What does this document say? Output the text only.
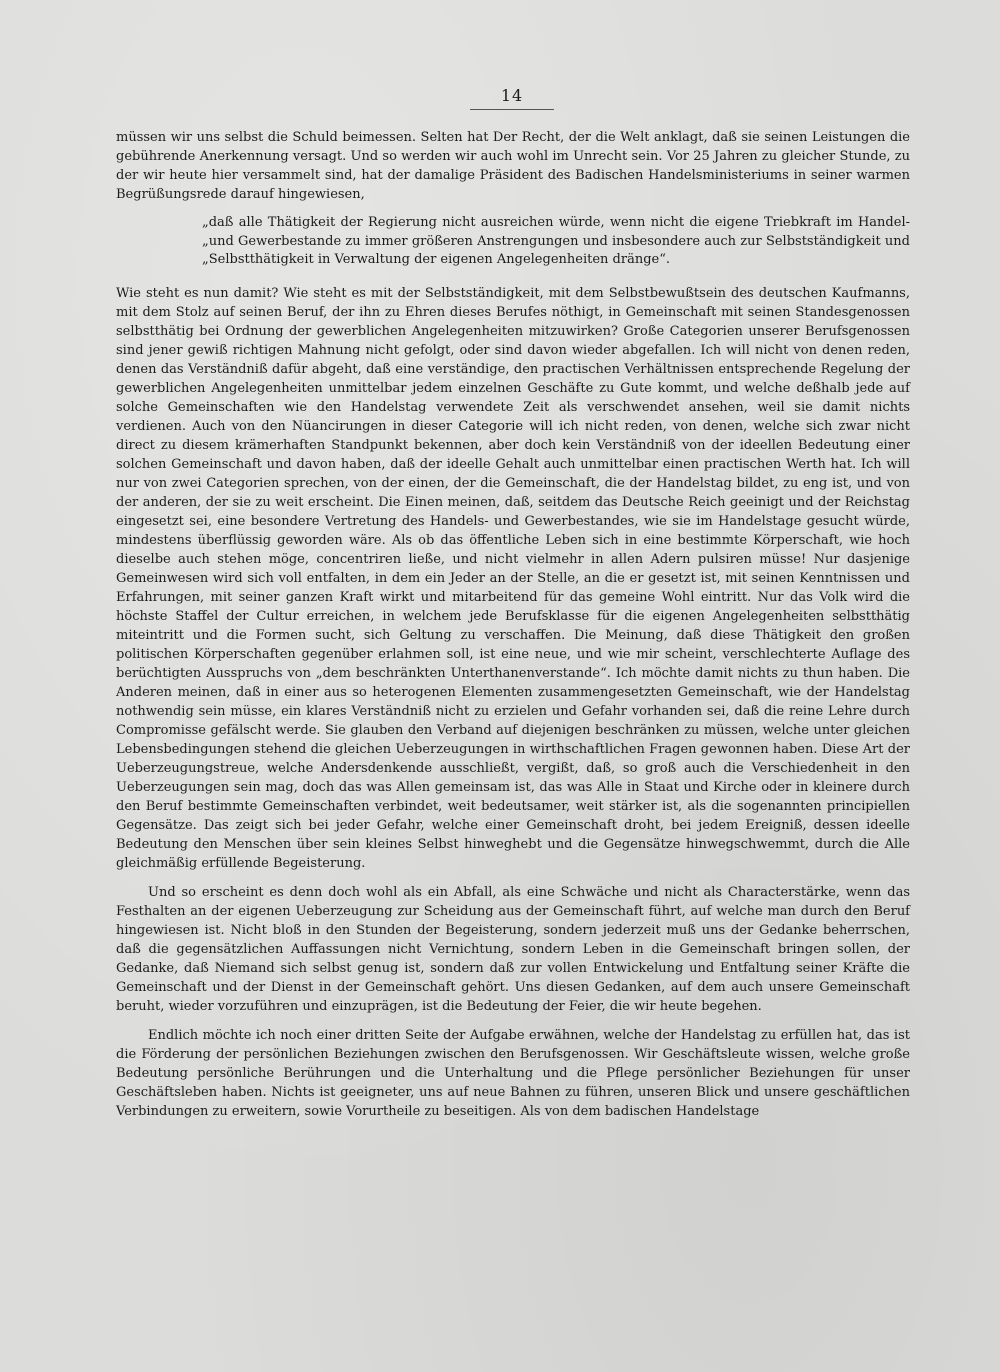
14

müssen wir uns selbst die Schuld beimessen. Selten hat Der Recht, der die Welt anklagt, daß sie seinen Leistungen die gebührende Anerkennung versagt. Und so werden wir auch wohl im Unrecht sein. Vor 25 Jahren zu gleicher Stunde, zu der wir heute hier versammelt sind, hat der damalige Präsident des Badischen Handelsministeriums in seiner warmen Begrüßungsrede darauf hingewiesen,

„daß alle Thätigkeit der Regierung nicht ausreichen würde, wenn nicht die eigene Triebkraft im Handel- „und Gewerbestande zu immer größeren Anstrengungen und insbesondere auch zur Selbstständigkeit und „Selbstthätigkeit in Verwaltung der eigenen Angelegenheiten dränge“.

Wie steht es nun damit? Wie steht es mit der Selbstständigkeit, mit dem Selbstbewußtsein des deutschen Kaufmanns, mit dem Stolz auf seinen Beruf, der ihn zu Ehren dieses Berufes nöthigt, in Gemeinschaft mit seinen Standesgenossen selbstthätig bei Ordnung der gewerblichen Angelegenheiten mitzuwirken? Große Categorien unserer Berufsgenossen sind jener gewiß richtigen Mahnung nicht gefolgt, oder sind davon wieder abgefallen. Ich will nicht von denen reden, denen das Verständniß dafür abgeht, daß eine verständige, den practischen Verhältnissen entsprechende Regelung der gewerblichen Angelegenheiten unmittelbar jedem einzelnen Geschäfte zu Gute kommt, und welche deßhalb jede auf solche Gemeinschaften wie den Handelstag verwendete Zeit als verschwendet ansehen, weil sie damit nichts verdienen. Auch von den Nüancirungen in dieser Categorie will ich nicht reden, von denen, welche sich zwar nicht direct zu diesem krämerhaften Standpunkt bekennen, aber doch kein Verständniß von der ideellen Bedeutung einer solchen Gemeinschaft und davon haben, daß der ideelle Gehalt auch unmittelbar einen practischen Werth hat. Ich will nur von zwei Categorien sprechen, von der einen, der die Gemeinschaft, die der Handelstag bildet, zu eng ist, und von der anderen, der sie zu weit erscheint. Die Einen meinen, daß, seitdem das Deutsche Reich geeinigt und der Reichstag eingesetzt sei, eine besondere Vertretung des Handels- und Gewerbestandes, wie sie im Handelstage gesucht würde, mindestens überflüssig geworden wäre. Als ob das öffentliche Leben sich in eine bestimmte Körperschaft, wie hoch dieselbe auch stehen möge, concentriren ließe, und nicht vielmehr in allen Adern pulsiren müsse! Nur dasjenige Gemeinwesen wird sich voll entfalten, in dem ein Jeder an der Stelle, an die er gesetzt ist, mit seinen Kenntnissen und Erfahrungen, mit seiner ganzen Kraft wirkt und mitarbeitend für das gemeine Wohl eintritt. Nur das Volk wird die höchste Staffel der Cultur erreichen, in welchem jede Berufsklasse für die eigenen Angelegenheiten selbstthätig miteintritt und die Formen sucht, sich Geltung zu verschaffen. Die Meinung, daß diese Thätigkeit den großen politischen Körperschaften gegenüber erlahmen soll, ist eine neue, und wie mir scheint, verschlechterte Auflage des berüchtigten Ausspruchs von „dem beschränkten Unterthanenverstande“. Ich möchte damit nichts zu thun haben. Die Anderen meinen, daß in einer aus so heterogenen Elementen zusammengesetzten Gemeinschaft, wie der Handelstag nothwendig sein müsse, ein klares Verständniß nicht zu erzielen und Gefahr vorhanden sei, daß die reine Lehre durch Compromisse gefälscht werde. Sie glauben den Verband auf diejenigen beschränken zu müssen, welche unter gleichen Lebensbedingungen stehend die gleichen Ueberzeugungen in wirthschaftlichen Fragen gewonnen haben. Diese Art der Ueberzeugungstreue, welche Andersdenkende ausschließt, vergißt, daß, so groß auch die Verschiedenheit in den Ueberzeugungen sein mag, doch das was Allen gemeinsam ist, das was Alle in Staat und Kirche oder in kleinere durch den Beruf bestimmte Gemeinschaften verbindet, weit bedeutsamer, weit stärker ist, als die sogenannten principiellen Gegensätze. Das zeigt sich bei jeder Gefahr, welche einer Gemeinschaft droht, bei jedem Ereigniß, dessen ideelle Bedeutung den Menschen über sein kleines Selbst hinweghebt und die Gegensätze hinwegschwemmt, durch die Alle gleichmäßig erfüllende Begeisterung.

Und so erscheint es denn doch wohl als ein Abfall, als eine Schwäche und nicht als Characterstärke, wenn das Festhalten an der eigenen Ueberzeugung zur Scheidung aus der Gemeinschaft führt, auf welche man durch den Beruf hingewiesen ist. Nicht bloß in den Stunden der Begeisterung, sondern jederzeit muß uns der Gedanke beherrschen, daß die gegensätzlichen Auffassungen nicht Vernichtung, sondern Leben in die Gemeinschaft bringen sollen, der Gedanke, daß Niemand sich selbst genug ist, sondern daß zur vollen Entwickelung und Entfaltung seiner Kräfte die Gemeinschaft und der Dienst in der Gemeinschaft gehört. Uns diesen Gedanken, auf dem auch unsere Gemeinschaft beruht, wieder vorzuführen und einzuprägen, ist die Bedeutung der Feier, die wir heute begehen.

Endlich möchte ich noch einer dritten Seite der Aufgabe erwähnen, welche der Handelstag zu erfüllen hat, das ist die Förderung der persönlichen Beziehungen zwischen den Berufsgenossen. Wir Geschäftsleute wissen, welche große Bedeutung persönliche Berührungen und die Unterhaltung und die Pflege persönlicher Beziehungen für unser Geschäftsleben haben. Nichts ist geeigneter, uns auf neue Bahnen zu führen, unseren Blick und unsere geschäftlichen Verbindungen zu erweitern, sowie Vorurtheile zu beseitigen. Als von dem badischen Handelstage
